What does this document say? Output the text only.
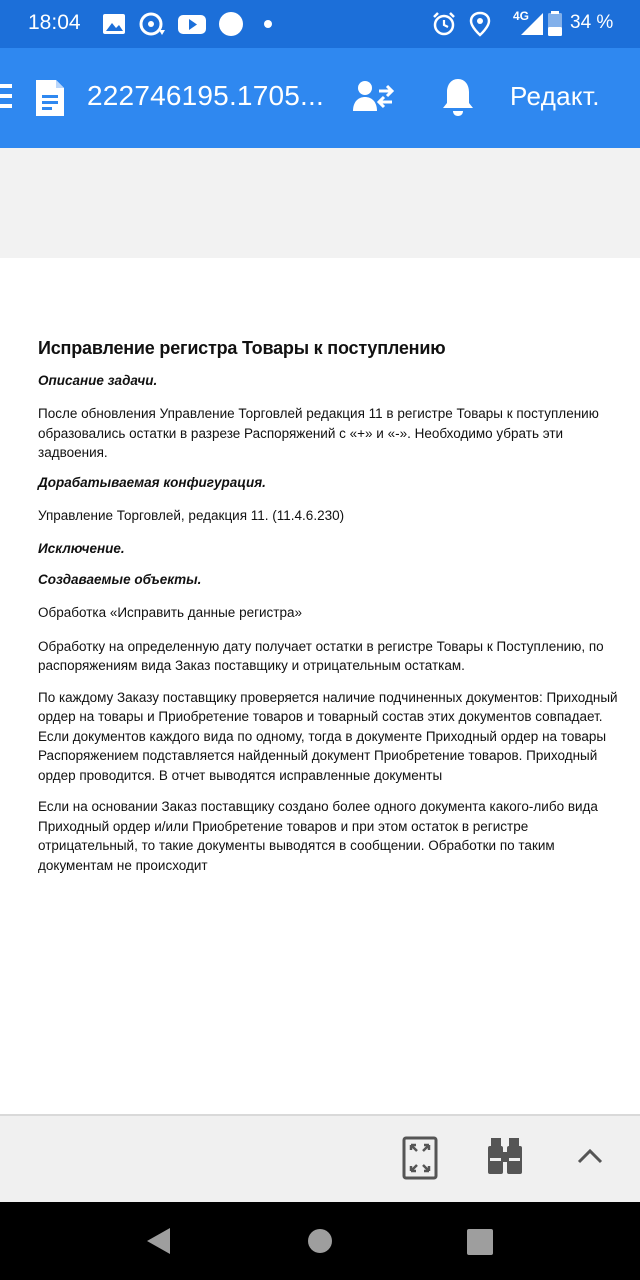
18:04	4G 34 %
222746195.1705...	Редакт.
Исправление регистра Товары к поступлению
Описание задачи.
После обновления Управление Торговлей редакция 11 в регистре Товары к поступлению образовались остатки в разрезе Распоряжений с «+» и «-». Необходимо убрать эти задвоения.
Дорабатываемая конфигурация.
Управление Торговлей, редакция 11. (11.4.6.230)
Исключение.
Создаваемые объекты.
Обработка «Исправить данные регистра»
Обработку на определенную дату получает остатки в регистре Товары к Поступлению, по распоряжениям вида Заказ поставщику и отрицательным остаткам.
По каждому Заказу поставщику проверяется наличие подчиненных документов: Приходный ордер на товары и Приобретение товаров и товарный состав этих документов совпадает. Если документов каждого вида по одному, тогда в документе Приходный ордер на товары Распоряжением подставляется найденный документ Приобретение товаров. Приходный ордер проводится. В отчет выводятся исправленные документы
Если на основании Заказ поставщику создано более одного документа какого-либо вида Приходный ордер и/или Приобретение товаров и при этом остаток в регистре отрицательный, то такие документы выводятся в сообщении. Обработки по таким документам не происходит
